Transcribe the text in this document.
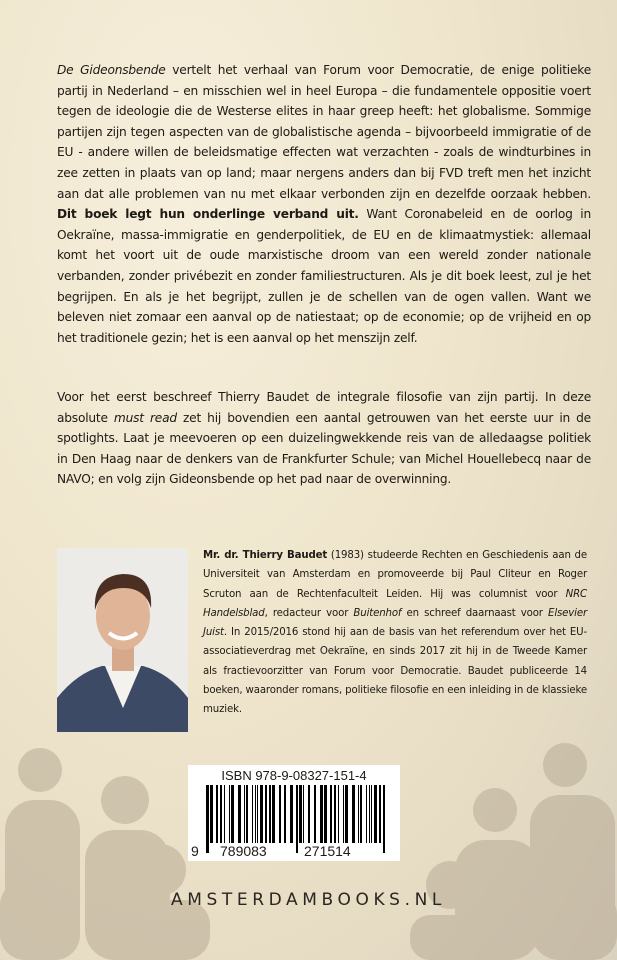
De Gideonsbende vertelt het verhaal van Forum voor Democratie, de enige politieke partij in Nederland – en misschien wel in heel Europa – die fundamentele oppositie voert tegen de ideologie die de Westerse elites in haar greep heeft: het globalisme. Sommige partijen zijn tegen aspecten van de globalistische agenda – bijvoorbeeld immigratie of de EU - andere willen de beleidsmatige effecten wat verzachten - zoals de windturbines in zee zetten in plaats van op land; maar nergens anders dan bij FVD treft men het inzicht aan dat alle problemen van nu met elkaar verbonden zijn en dezelfde oorzaak hebben. Dit boek legt hun onderlinge verband uit. Want Coronabeleid en de oorlog in Oekraïne, massa-immigratie en genderpolitiek, de EU en de klimaatmystiek: allemaal komt het voort uit de oude marxistische droom van een wereld zonder nationale verbanden, zonder privébezit en zonder familiestructuren. Als je dit boek leest, zul je het begrijpen. En als je het begrijpt, zullen je de schellen van de ogen vallen. Want we beleven niet zomaar een aanval op de natiestaat; op de economie; op de vrijheid en op het traditionele gezin; het is een aanval op het menszijn zelf.
Voor het eerst beschreef Thierry Baudet de integrale filosofie van zijn partij. In deze absolute must read zet hij bovendien een aantal getrouwen van het eerste uur in de spotlights. Laat je meevoeren op een duizelingwekkende reis van de alledaagse politiek in Den Haag naar de denkers van de Frankfurter Schule; van Michel Houellebecq naar de NAVO; en volg zijn Gideonsbende op het pad naar de overwinning.
Mr. dr. Thierry Baudet (1983) studeerde Rechten en Geschiedenis aan de Universiteit van Amsterdam en promoveerde bij Paul Cliteur en Roger Scruton aan de Rechtenfaculteit Leiden. Hij was columnist voor NRC Handelsblad, redacteur voor Buitenhof en schreef daarnaast voor Elsevier Juist. In 2015/2016 stond hij aan de basis van het referendum over het EU-associatieverdrag met Oekraïne, en sinds 2017 zit hij in de Tweede Kamer als fractievoorzitter van Forum voor Democratie. Baudet publiceerde 14 boeken, waaronder romans, politieke filosofie en een inleiding in de klassieke muziek.
ISBN 978-9-08327-151-4
9 789083	271514
AMSTERDAMBOOKS.NL
